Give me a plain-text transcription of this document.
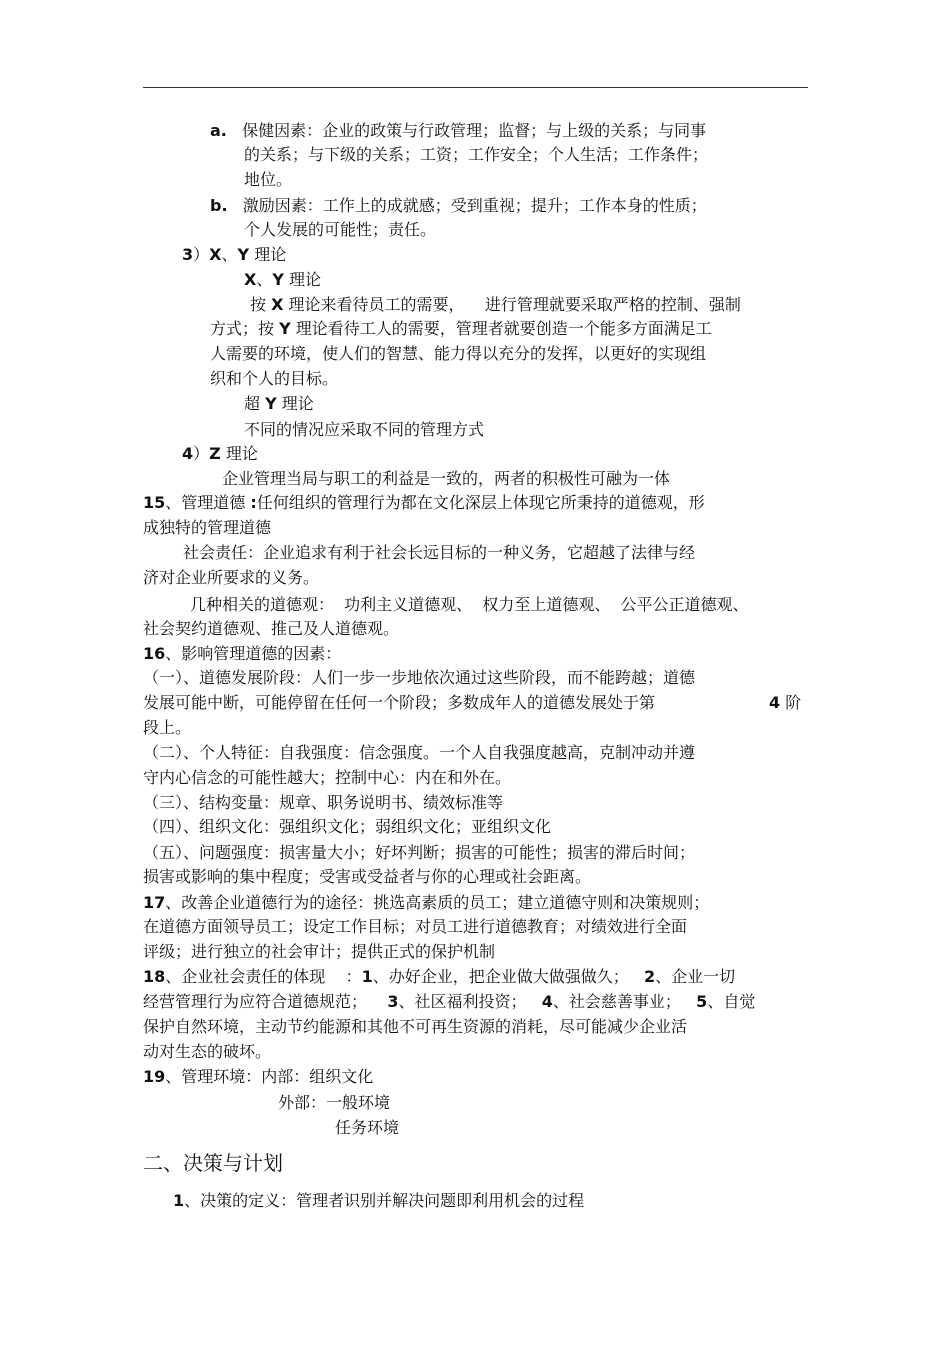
a.   保健因素：企业的政策与行政管理；监督；与上级的关系；与同事
的关系；与下级的关系；工资；工作安全；个人生活；工作条件；
地位。
b.   激励因素：工作上的成就感；受到重视；提升；工作本身的性质；
个人发展的可能性；责任。
3）X、Y 理论
X、Y 理论
按 X 理论来看待员工的需要，    进行管理就要采取严格的控制、强制
方式；按 Y 理论看待工人的需要，管理者就要创造一个能多方面满足工
人需要的环境，使人们的智慧、能力得以充分的发挥，以更好的实现组
织和个人的目标。
超 Y 理论
不同的情况应采取不同的管理方式
4）Z 理论
企业管理当局与职工的利益是一致的，两者的积极性可融为一体
15、管理道德 :任何组织的管理行为都在文化深层上体现它所秉持的道德观，形
成独特的管理道德
社会责任：企业追求有利于社会长远目标的一种义务，它超越了法律与经
济对企业所要求的义务。
几种相关的道德观：  功利主义道德观、  权力至上道德观、  公平公正道德观、
社会契约道德观、推己及人道德观。
16、影响管理道德的因素：
（一）、道德发展阶段：人们一步一步地依次通过这些阶段，而不能跨越；道德
发展可能中断，可能停留在任何一个阶段；多数成年人的道德发展处于第	4 阶
段上。
（二）、个人特征：自我强度：信念强度。一个人自我强度越高，克制冲动并遵
守内心信念的可能性越大；控制中心：内在和外在。
（三）、结构变量：规章、职务说明书、绩效标准等
（四）、组织文化：强组织文化；弱组织文化；亚组织文化
（五）、问题强度：损害量大小；好坏判断；损害的可能性；损害的滞后时间；
损害或影响的集中程度；受害或受益者与你的心理或社会距离。
17、改善企业道德行为的途径：挑选高素质的员工；建立道德守则和决策规则；
在道德方面领导员工；设定工作目标；对员工进行道德教育；对绩效进行全面
评级；进行独立的社会审计；提供正式的保护机制
18、企业社会责任的体现    ：1、办好企业，把企业做大做强做久；   2、企业一切
经营管理行为应符合道德规范；    3、社区福利投资；   4、社会慈善事业；   5、自觉
保护自然环境，主动节约能源和其他不可再生资源的消耗，尽可能减少企业活
动对生态的破坏。
19、管理环境：内部：组织文化
外部：一般环境
任务环境
二、决策与计划
1、决策的定义：管理者识别并解决问题即利用机会的过程
